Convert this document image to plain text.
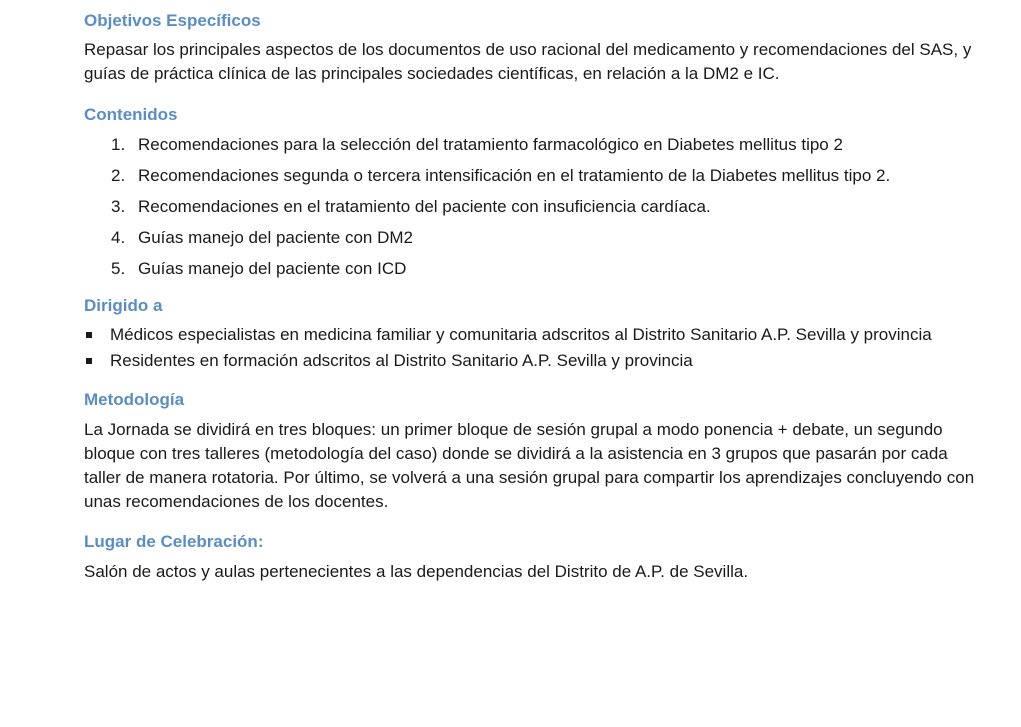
Objetivos Específicos

Repasar los principales aspectos de los documentos de uso racional del medicamento y recomendaciones del SAS, y guías de práctica clínica de las principales sociedades científicas, en relación a la DM2 e IC.

Contenidos
1. Recomendaciones para la selección del tratamiento farmacológico en Diabetes mellitus tipo 2
2. Recomendaciones segunda o tercera intensificación en el tratamiento de la Diabetes mellitus tipo 2.
3. Recomendaciones en el tratamiento del paciente con insuficiencia cardíaca.
4. Guías manejo del paciente con DM2
5. Guías manejo del paciente con ICD
Dirigido a
Médicos especialistas en medicina familiar y comunitaria adscritos al Distrito Sanitario A.P. Sevilla y provincia
Residentes en formación adscritos al Distrito Sanitario A.P. Sevilla y provincia
Metodología

La Jornada se dividirá en tres bloques: un primer bloque de sesión grupal a modo ponencia + debate, un segundo bloque con tres talleres (metodología del caso) donde se dividirá a la asistencia en 3 grupos que pasarán por cada taller de manera rotatoria. Por último, se volverá a una sesión grupal para compartir los aprendizajes concluyendo con unas recomendaciones de los docentes.

Lugar de Celebración:

Salón de actos y aulas pertenecientes a las dependencias del Distrito de A.P. de Sevilla.
